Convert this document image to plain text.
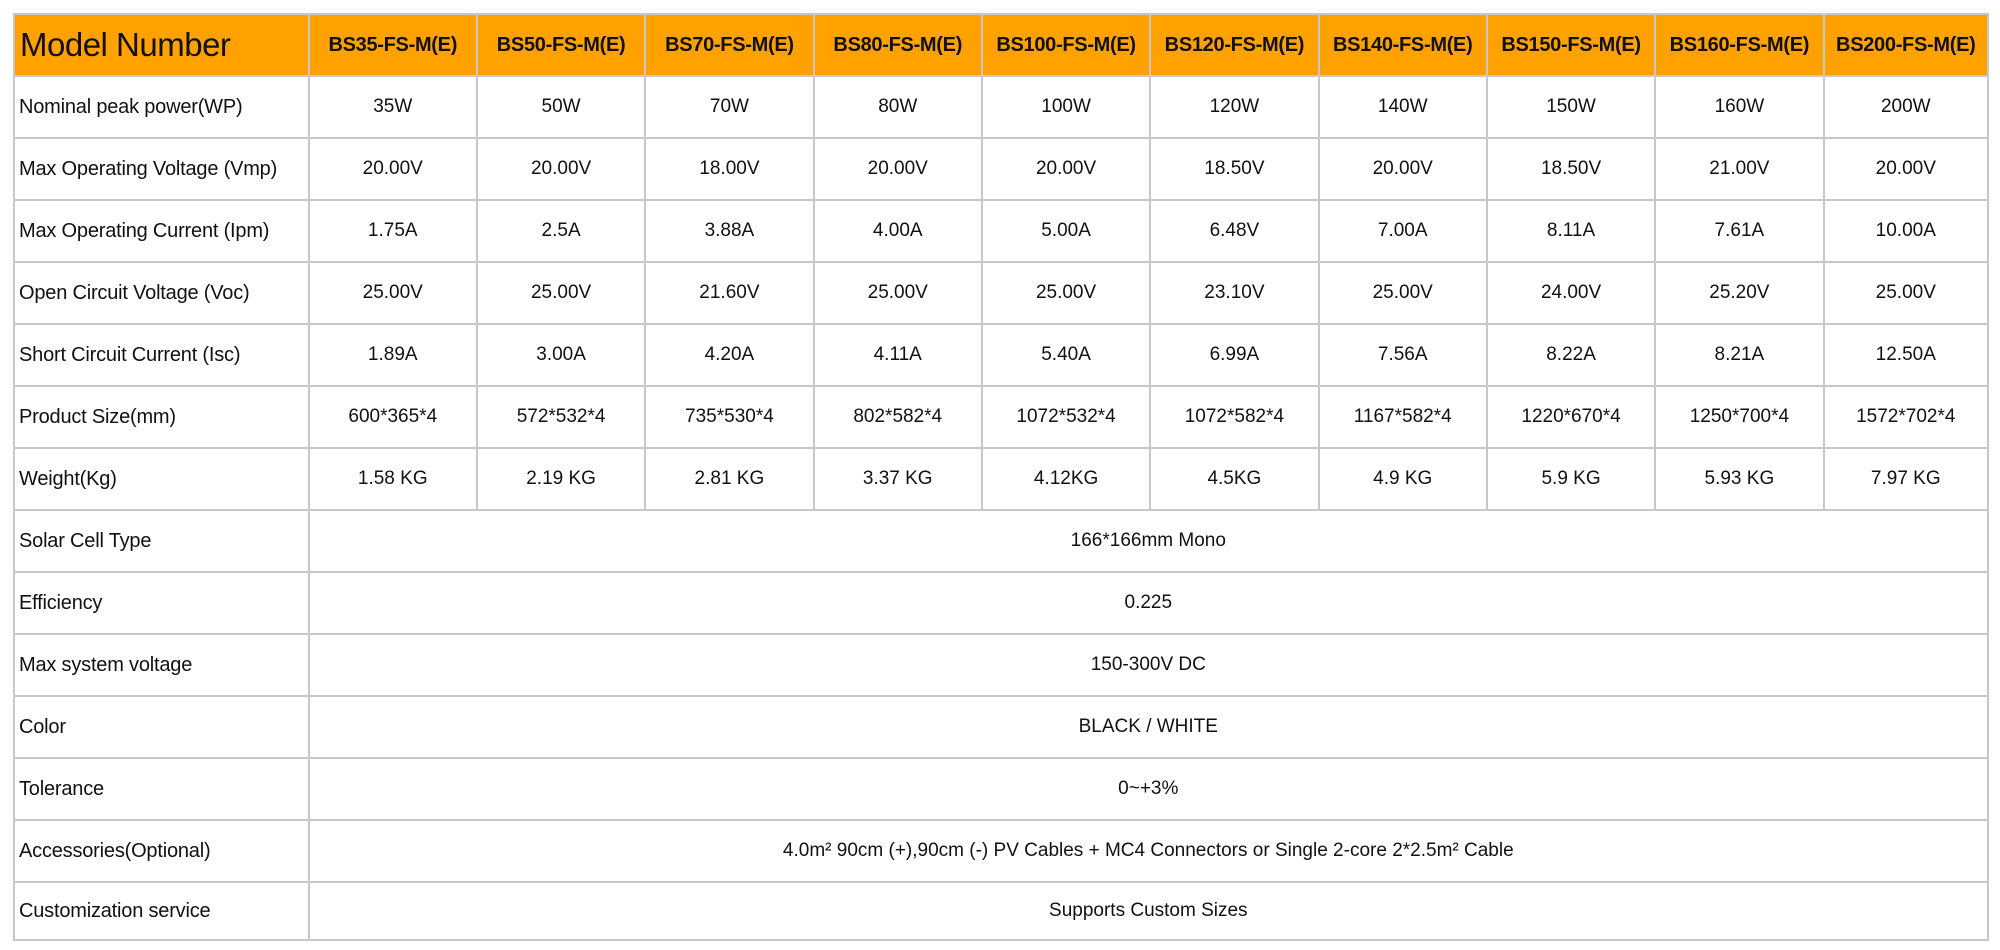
Model Number	BS35-FS-M(E)	BS50-FS-M(E)	BS70-FS-M(E)	BS80-FS-M(E)	BS100-FS-M(E)	BS120-FS-M(E)	BS140-FS-M(E)	BS150-FS-M(E)	BS160-FS-M(E)	BS200-FS-M(E)
Nominal peak power(WP)	35W	50W	70W	80W	100W	120W	140W	150W	160W	200W
Max Operating Voltage (Vmp)	20.00V	20.00V	18.00V	20.00V	20.00V	18.50V	20.00V	18.50V	21.00V	20.00V
Max Operating Current (Ipm)	1.75A	2.5A	3.88A	4.00A	5.00A	6.48V	7.00A	8.11A	7.61A	10.00A
Open Circuit Voltage (Voc)	25.00V	25.00V	21.60V	25.00V	25.00V	23.10V	25.00V	24.00V	25.20V	25.00V
Short Circuit Current (Isc)	1.89A	3.00A	4.20A	4.11A	5.40A	6.99A	7.56A	8.22A	8.21A	12.50A
Product Size(mm)	600*365*4	572*532*4	735*530*4	802*582*4	1072*532*4	1072*582*4	1167*582*4	1220*670*4	1250*700*4	1572*702*4
Weight(Kg)	1.58 KG	2.19 KG	2.81 KG	3.37 KG	4.12KG	4.5KG	4.9 KG	5.9 KG	5.93 KG	7.97 KG
Solar Cell Type	166*166mm Mono									
Efficiency	0.225									
Max system voltage	150-300V DC									
Color	BLACK / WHITE									
Tolerance	0~+3%									
Accessories(Optional)	4.0m² 90cm (+),90cm (-) PV Cables + MC4 Connectors or Single 2-core 2*2.5m² Cable									
Customization service	Supports Custom Sizes									
